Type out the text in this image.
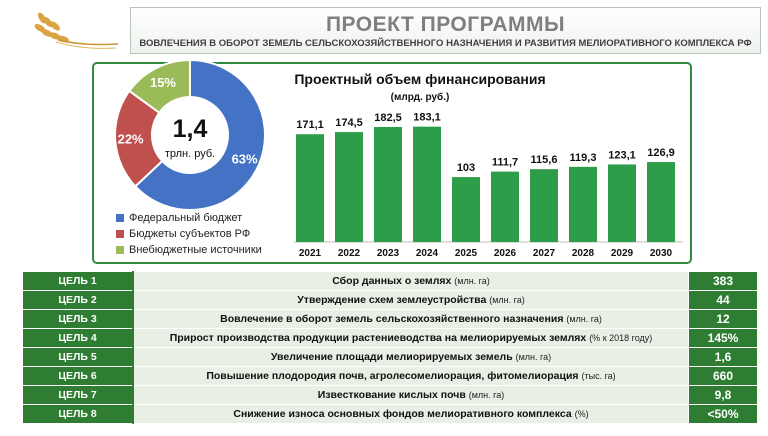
ПРОЕКТ ПРОГРАММЫ
ВОВЛЕЧЕНИЯ В ОБОРОТ ЗЕМЕЛЬ СЕЛЬСКОХОЗЯЙСТВЕННОГО НАЗНАЧЕНИЯ И РАЗВИТИЯ МЕЛИОРАТИВНОГО КОМПЛЕКСА РФ
63%
22%
15%
1,4
трлн. руб.
Проектный объем финансирования
(млрд. руб.)
171,1
2021
174,5
2022
182,5
2023
183,1
2024
103
2025
111,7
2026
115,6
2027
119,3
2028
123,1
2029
126,9
2030
Федеральный бюджет
Бюджеты субъектов РФ
Внебюджетные источники
ЦЕЛЬ 1	Сбор данных о землях (млн. га)	383
ЦЕЛЬ 2	Утверждение схем землеустройства (млн. га)	44
ЦЕЛЬ 3	Вовлечение в оборот земель сельскохозяйственного назначения (млн. га)	12
ЦЕЛЬ 4	Прирост производства продукции растениеводства на мелиорируемых землях (% к 2018 году)	145%
ЦЕЛЬ 5	Увеличение площади мелиорируемых земель (млн. га)	1,6
ЦЕЛЬ 6	Повышение плодородия почв, агролесомелиорация, фитомелиорация (тыс. га)	660
ЦЕЛЬ 7	Известкование кислых почв (млн. га)	9,8
ЦЕЛЬ 8	Снижение износа основных фондов мелиоративного комплекса (%)	<50%
